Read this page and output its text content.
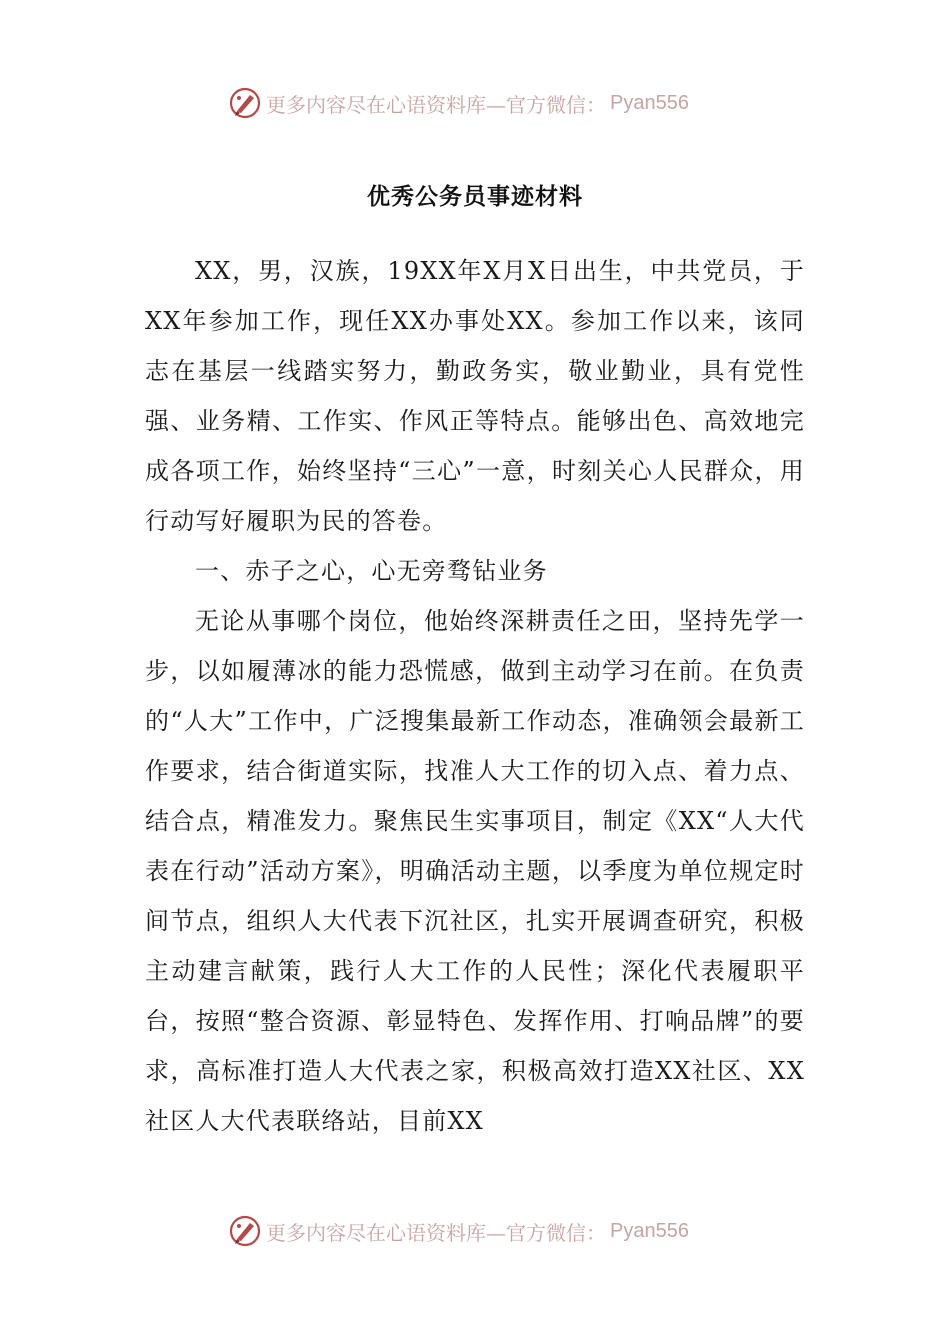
更多内容尽在心语资料库—官方微信： Pyan556
优秀公务员事迹材料

XX，男，汉族，19XX年X月X日出生，中共党员，于XX年参加工作，现任XX办事处XX。参加工作以来，该同志在基层一线踏实努力，勤政务实，敬业勤业，具有党性强、业务精、工作实、作风正等特点。能够出色、高效地完成各项工作，始终坚持“三心”一意，时刻关心人民群众，用行动写好履职为民的答卷。

一、赤子之心，心无旁骛钻业务

无论从事哪个岗位，他始终深耕责任之田，坚持先学一步，以如履薄冰的能力恐慌感，做到主动学习在前。在负责的“人大”工作中，广泛搜集最新工作动态，准确领会最新工作要求，结合街道实际，找准人大工作的切入点、着力点、结合点，精准发力。聚焦民生实事项目，制定《XX“人大代表在行动”活动方案》，明确活动主题，以季度为单位规定时间节点，组织人大代表下沉社区，扎实开展调查研究，积极主动建言献策，践行人大工作的人民性；深化代表履职平台，按照“整合资源、彰显特色、发挥作用、打响品牌”的要求，高标准打造人大代表之家，积极高效打造XX社区、XX社区人大代表联络站，目前XX

更多内容尽在心语资料库—官方微信： Pyan556
